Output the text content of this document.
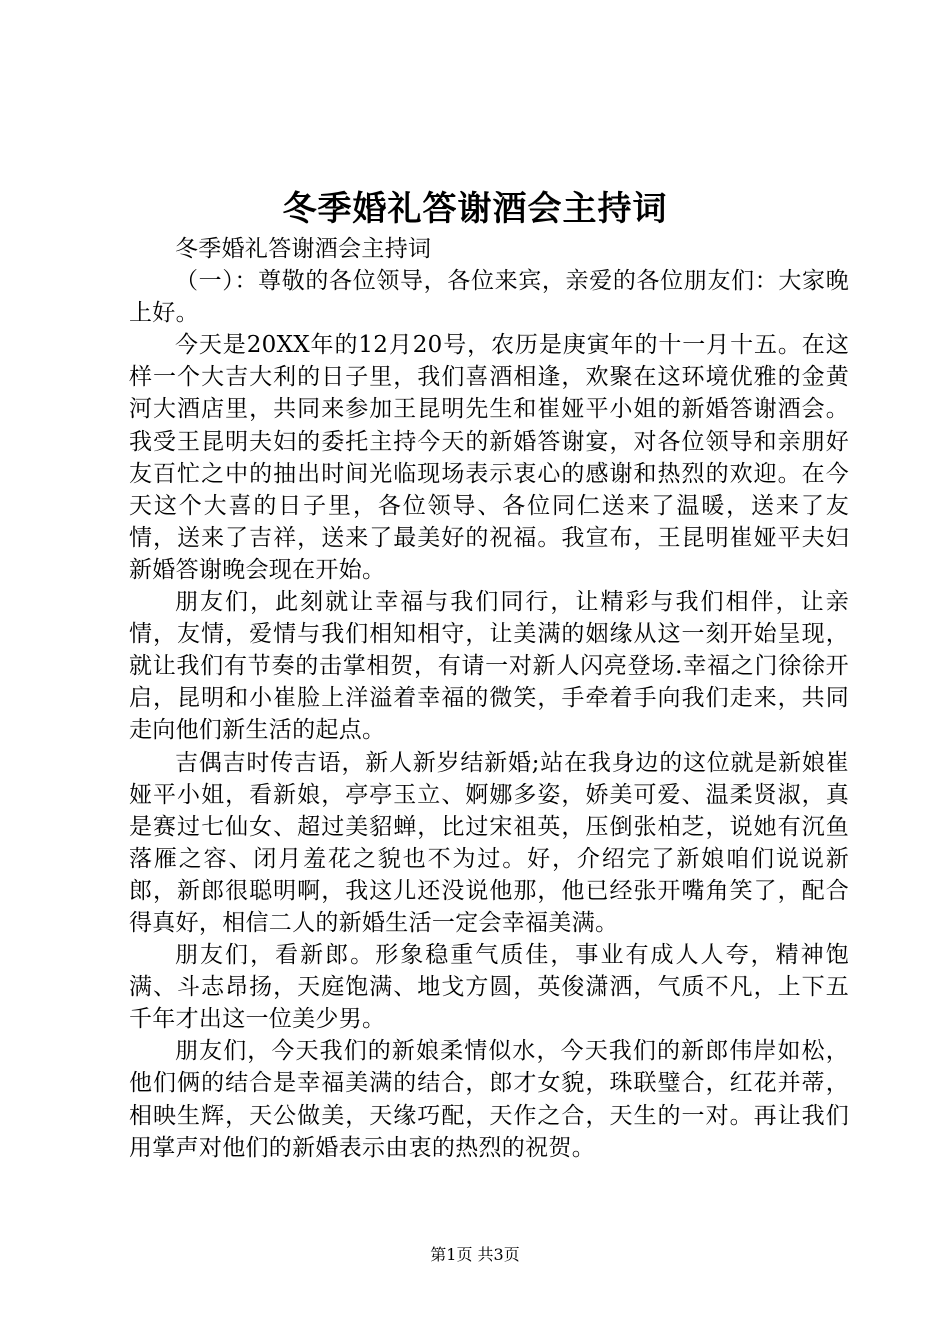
冬季婚礼答谢酒会主持词

冬季婚礼答谢酒会主持词

（一）：尊敬的各位领导，各位来宾，亲爱的各位朋友们：大家晚上好。

今天是20XX年的12月20号，农历是庚寅年的十一月十五。在这样一个大吉大利的日子里，我们喜酒相逢，欢聚在这环境优雅的金黄河大酒店里，共同来参加王昆明先生和崔娅平小姐的新婚答谢酒会。我受王昆明夫妇的委托主持今天的新婚答谢宴，对各位领导和亲朋好友百忙之中的抽出时间光临现场表示衷心的感谢和热烈的欢迎。在今天这个大喜的日子里，各位领导、各位同仁送来了温暖，送来了友情，送来了吉祥，送来了最美好的祝福。我宣布，王昆明崔娅平夫妇新婚答谢晚会现在开始。

朋友们，此刻就让幸福与我们同行，让精彩与我们相伴，让亲情，友情，爱情与我们相知相守，让美满的姻缘从这一刻开始呈现，就让我们有节奏的击掌相贺，有请一对新人闪亮登场.幸福之门徐徐开启，昆明和小崔脸上洋溢着幸福的微笑，手牵着手向我们走来，共同走向他们新生活的起点。

吉偶吉时传吉语，新人新岁结新婚;站在我身边的这位就是新娘崔娅平小姐，看新娘，亭亭玉立、婀娜多姿，娇美可爱、温柔贤淑，真是赛过七仙女、超过美貂蝉，比过宋祖英，压倒张柏芝，说她有沉鱼落雁之容、闭月羞花之貌也不为过。好，介绍完了新娘咱们说说新郎，新郎很聪明啊，我这儿还没说他那，他已经张开嘴角笑了，配合得真好，相信二人的新婚生活一定会幸福美满。

朋友们，看新郎。形象稳重气质佳，事业有成人人夸，精神饱满、斗志昂扬，天庭饱满、地戈方圆，英俊潇洒，气质不凡，上下五千年才出这一位美少男。

朋友们，今天我们的新娘柔情似水，今天我们的新郎伟岸如松，他们俩的结合是幸福美满的结合，郎才女貌，珠联璧合，红花并蒂，相映生辉，天公做美，天缘巧配，天作之合，天生的一对。再让我们用掌声对他们的新婚表示由衷的热烈的祝贺。

第1页 共3页
